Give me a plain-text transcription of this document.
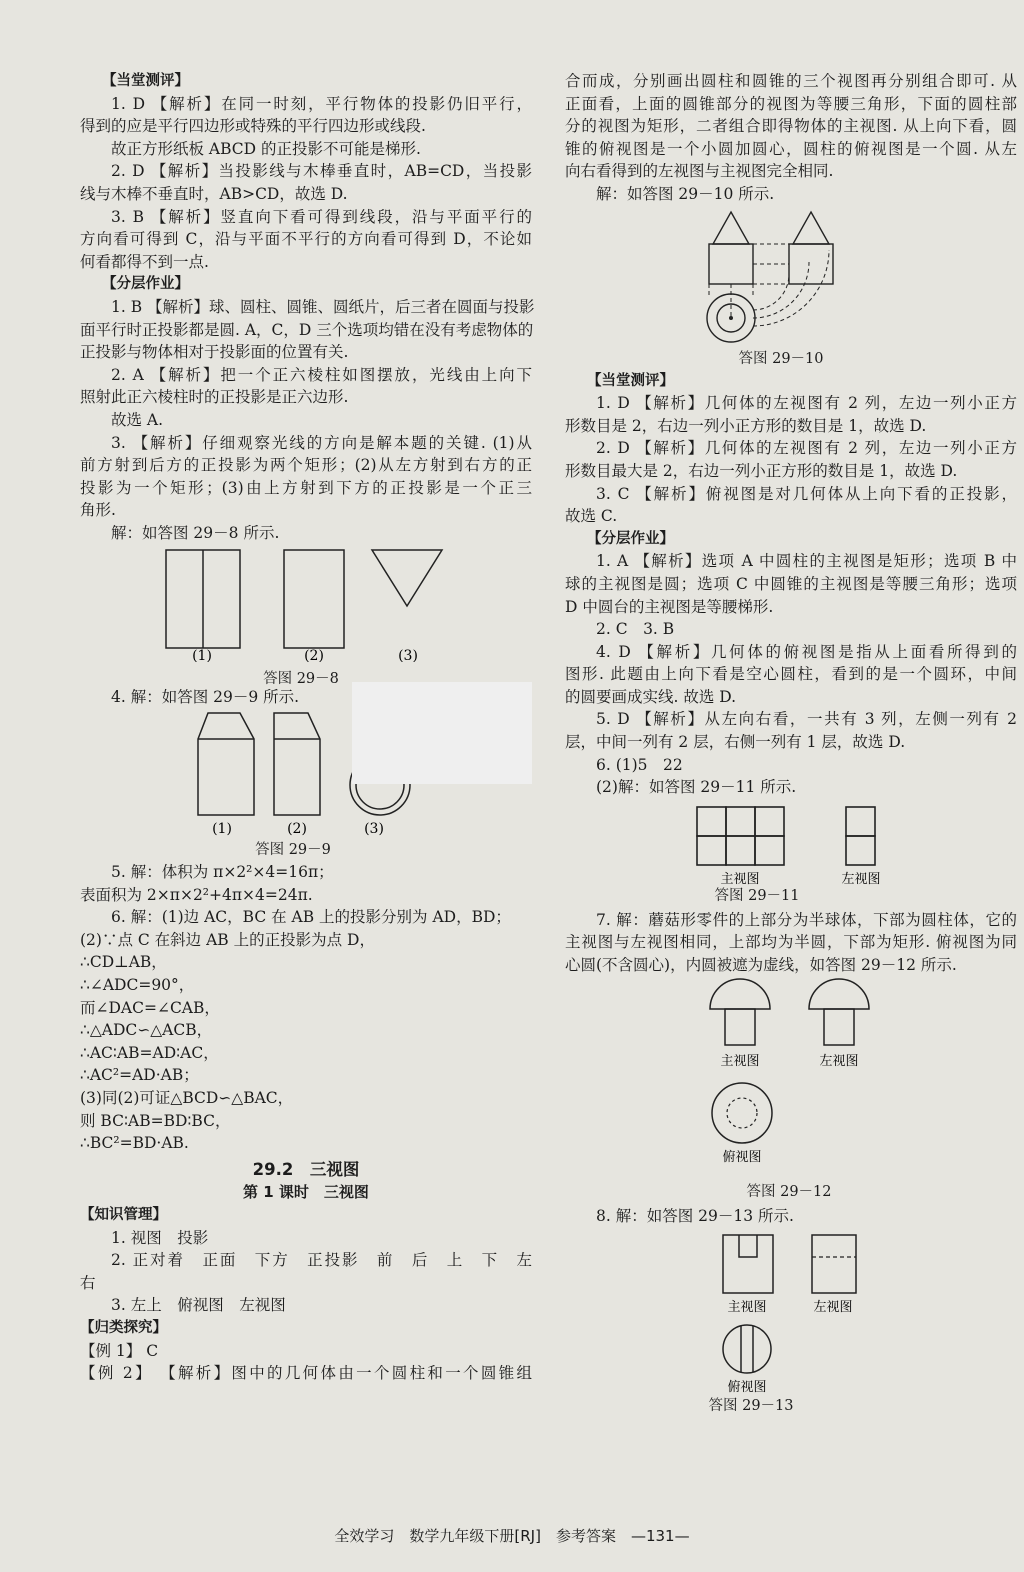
【当堂测评】
1. D 【解析】在同一时刻，平行物体的投影仍旧平行，
得到的应是平行四边形或特殊的平行四边形或线段.
故正方形纸板 ABCD 的正投影不可能是梯形.
2. D 【解析】当投影线与木棒垂直时，AB=CD，当投影
线与木棒不垂直时，AB>CD，故选 D.
3. B 【解析】竖直向下看可得到线段，沿与平面平行的
方向看可得到 C，沿与平面不平行的方向看可得到 D，不论如
何看都得不到一点.
【分层作业】
1. B 【解析】球、圆柱、圆锥、圆纸片，后三者在圆面与投影
面平行时正投影都是圆. A，C，D 三个选项均错在没有考虑物体的
正投影与物体相对于投影面的位置有关.
2. A 【解析】把一个正六棱柱如图摆放，光线由上向下
照射此正六棱柱时的正投影是正六边形.
故选 A.
3. 【解析】仔细观察光线的方向是解本题的关键. (1)从
前方射到后方的正投影为两个矩形；(2)从左方射到右方的正
投影为一个矩形；(3)由上方射到下方的正投影是一个正三
角形.
解：如答图 29－8 所示.
(1)	(2)	(3)
答图 29－8
4. 解：如答图 29－9 所示.
(1)	(2)	(3)
答图 29－9
5. 解：体积为 π×2²×4=16π；
表面积为 2×π×2²+4π×4=24π.
6. 解：(1)边 AC，BC 在 AB 上的投影分别为 AD，BD；
(2)∵点 C 在斜边 AB 上的正投影为点 D，
∴CD⊥AB，
∴∠ADC=90°，
而∠DAC=∠CAB，
∴△ADC∽△ACB，
∴AC∶AB=AD∶AC，
∴AC²=AD·AB；
(3)同(2)可证△BCD∽△BAC，
则 BC∶AB=BD∶BC，
∴BC²=BD·AB.
29.2　三视图
第 1 课时　三视图
【知识管理】
1. 视图　投影
2. 正对着　正面　下方　正投影　前　后　上　下　左
右
3. 左上　俯视图　左视图
【归类探究】
【例 1】 C
【例 2】 【解析】图中的几何体由一个圆柱和一个圆锥组
合而成，分别画出圆柱和圆锥的三个视图再分别组合即可. 从
正面看，上面的圆锥部分的视图为等腰三角形，下面的圆柱部
分的视图为矩形，二者组合即得物体的主视图. 从上向下看，圆
锥的俯视图是一个小圆加圆心，圆柱的俯视图是一个圆. 从左
向右看得到的左视图与主视图完全相同.
解：如答图 29－10 所示.
答图 29－10
【当堂测评】
1. D 【解析】几何体的左视图有 2 列，左边一列小正方
形数目是 2，右边一列小正方形的数目是 1，故选 D.
2. D 【解析】几何体的左视图有 2 列，左边一列小正方
形数目最大是 2，右边一列小正方形的数目是 1，故选 D.
3. C 【解析】俯视图是对几何体从上向下看的正投影，
故选 C.
【分层作业】
1. A 【解析】选项 A 中圆柱的主视图是矩形；选项 B 中
球的主视图是圆；选项 C 中圆锥的主视图是等腰三角形；选项
D 中圆台的主视图是等腰梯形.
2. C　3. B
4. D 【解析】几何体的俯视图是指从上面看所得到的
图形. 此题由上向下看是空心圆柱，看到的是一个圆环，中间
的圆要画成实线. 故选 D.
5. D 【解析】从左向右看，一共有 3 列，左侧一列有 2
层，中间一列有 2 层，右侧一列有 1 层，故选 D.
6. (1)5　22
(2)解：如答图 29－11 所示.
主视图	左视图
答图 29－11
7. 解：蘑菇形零件的上部分为半球体，下部为圆柱体，它的
主视图与左视图相同，上部均为半圆，下部为矩形. 俯视图为同
心圆(不含圆心)，内圆被遮为虚线，如答图 29－12 所示.
主视图	左视图
俯视图
答图 29－12
8. 解：如答图 29－13 所示.
主视图	左视图
俯视图
答图 29－13
全效学习　数学九年级下册[RJ]　参考答案　—131—
